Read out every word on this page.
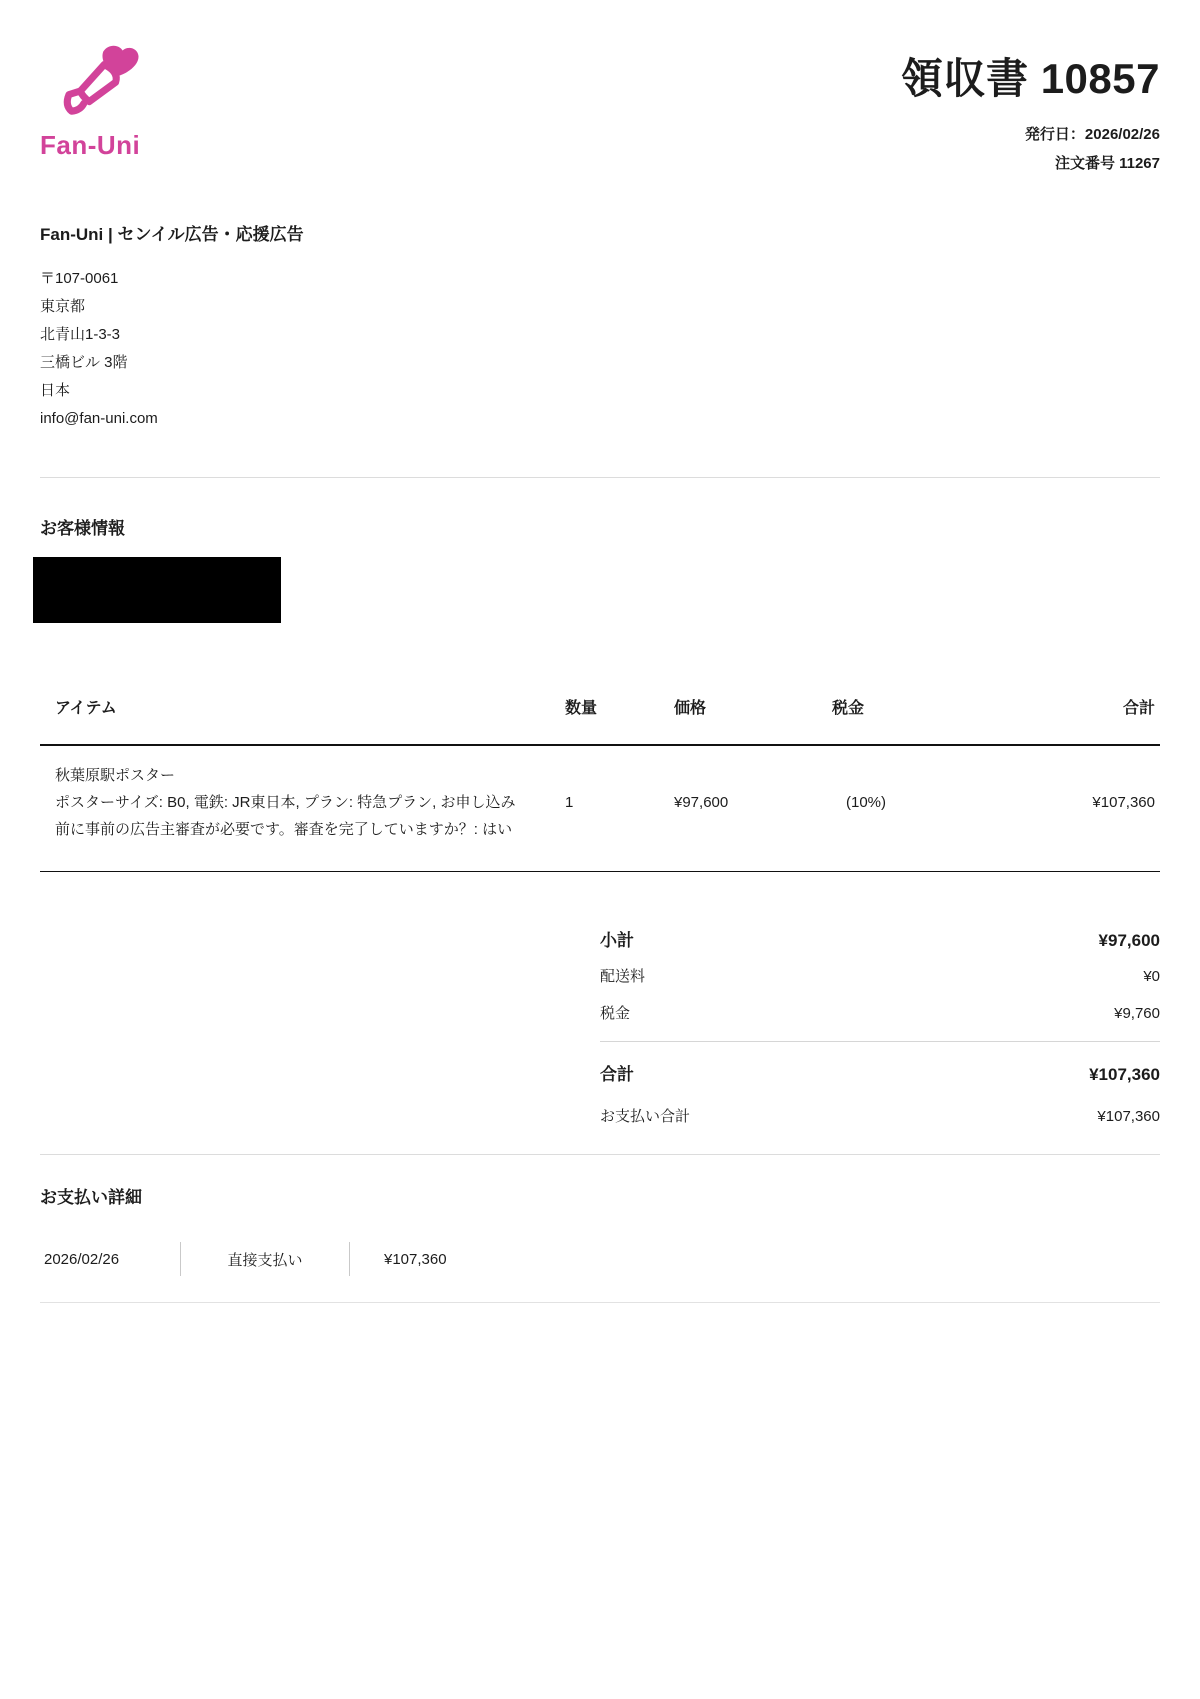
Fan-Uni
領収書 10857
発行日：2026/02/26
注文番号 11267
Fan-Uni | センイル広告・応援広告
〒107-0061
東京都
北青山1-3-3
三橋ビル 3階
日本
info@fan-uni.com
お客様情報
アイテム	数量	価格	税金	合計
秋葉原駅ポスター
ポスターサイズ: B0, 電鉄: JR東日本, プラン: 特急プラン, お申し込み前に事前の広告主審査が必要です。審査を完了していますか？: はい
1	¥97,600	(10%)	¥107,360
小計	¥97,600
配送料	¥0
税金	¥9,760
合計	¥107,360
お支払い合計	¥107,360
お支払い詳細
2026/02/26	直接支払い	¥107,360
